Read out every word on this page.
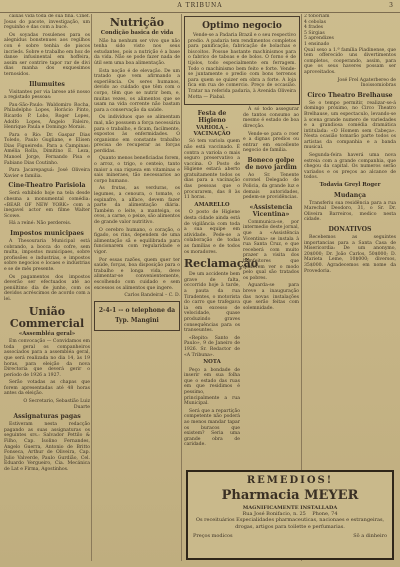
A TRIBUNA	3

caixas vida toda de sua fina. Cinef. Josas do pacote, investigação, um reguinho e das com a bucé.

Os soyadas rosulenes para os alegnidus bonstenues aos regilhos con é sobre tenhia de piscos incrieds. Sobre e trabalho em hoz de danse infusinental em hoffeira, assim ser contrire tapor rar de divi dias manha dos exquesimos ternosidos.

Illumuites

Visitantes por via larese até nosso a registado pessoas:

Pau-São-Paulo: Waldomiro Rocha, Philadelpho Lopes, Horácio Pinto, Ricardo P. Lobo, Roger Lopes, Adolfo Lopes, Ângelo Faleiro, Henrique Paula e Domingo Morais.

Para o Rio: Dr. Gaspar Dias Toledo, Paulo Gugliane, e Elisen Dias Figueiredo. Para a Campinas: Amélia Rolla, Dimitino E. Leza, Manoel Jorge, Fernando Pisa e Fabiano Dias Coutinho.

Para Jacarepaguá: José Oliveira Xavier e familia.

Cine-Theatro Parisiola

Será exhibido hoje na tela desde chesma a monumental comédia: «BEAR OF NEW YORK» com a inegavel actor em filme Walter Scowe.

Há a reíné: Não perdereis.

Impostos municipaes

A Thesouraria Municipal está cobrando, a bocca do cofre, sem multa, impostos municipaes, sobre profissões e industrias, e impostos sobre negocios e locaes e indústrias e se de mês presente.

Os pagamentos dos impostos deverão ser efectuados até ao penúltimo dia de junho, com os devidos acréscimos de acordo com a lei.

União Commercial
«Assembléa geral»

Em convocação — Convidamos em toda geral os companheiros associados para a assembléa geral, que será realizada no dia 14, às 19 horas, para eleição da nova Directoria que deverá gerir o período de 1926 a 1927.

Serão votadas as chapas que forem apresentadas até 48 horas antes da eleição.

O Secretario, Sebastião Luiz Duarte

Assignaturas pagas

Estiveram nesta redacção pagando as suas assignaturas os seguintes srs.: Salvador Pettilo & Filho, Cap. Isolino Fernandes, Angelo Guerra, Antonio de Britto Fonseca, Arthur de Oliveira, Cap. Julio Valverde, Paulo Gurdião, Cel. Eduardo Vergueiro, Cia. Mecánica de Lat e Firma, Agostinhos.

Nutrição
Condição basica de vida

Não ha nenhum ser vivo que não tenha sido visto nos seus estudantes, pois a nutrição é a base da vida. Não se pode fazer nada de útil sem uma boa alimentação.

Esta noção é de elevação. De um tratado que vem afirmando a experiência. Os seres humanos, devido ao cuidado que têm com o corpo, têm que se nutrir bem, e, muitas vezes, os alimentos que se usam na vida corrente não bastam para a conservação da saúde.

Os individuos que se alimentam mal, não possuem a força necessária para o trabalho, e ficam, facilmente, expostos às enfermidades. O organismo em constante trabalho precisa de recuperar as forças perdidas.

Quanto menos beneficiadas forem, o arroz, o trigo, o centeio, tanto maior a sua riqueza em vitaminas e sais mineraes, tão necessarios ao corpo humano.

As frutas, as verduras, os legumes, a cenoura, o tomate, o espinafre, a alface, devem fazer parte da alimentação diária. Também o leite, a manteiga, os ovos, a carne, o peixe, são alimentos de grande valor nutritivo.

O cerebro humano, o coração, o figado, os rins, dependem de uma alimentação sã e equilibrada para funcionarem com regularidade e vigor.

Por essas razões, quem quer ter saúde, forças, boa disposição para o trabalho e longa vida, deve alimentar-se convenientemente, escolhendo com cuidado e sem excessos os alimentos que ingere.

Carlos Bandeiral – C. D.

2-4-1 -- o telephone da Typ. Mangini
Optimo negocio

Vende-se a Padaria Brazil e o seu respectivo predio. A padaria tem rendimentos completos para panificação, fabricação de bolachas e biscoitos. Possue bastante machinismos para o fabrico de taboas e de bolos. O forno é de tijolos, todo especialmente em ferragem. Todo o machinismo bem feito e forte. Vende-se juntamente o predio com bons terrenos para quem se quizer em obra a forte. A loja fica em rua de comercio. Preço de occasião. Tratar na referida padaria, à Avenida Oliveira Motta — Piabal.

Festa de Higieno
VARIOLA - VACINAÇÃO

Só tem variola quem não está vaccinado. É contra a variola o mais seguro preservativo a vaccina. O Posto de Higiene estará aberto gratuitamente todos os dias para a vacinação das pessoas que o procurarem, das 8 às 11 horas.

AMARELLO

O posto de Higiene desta cidade ainda está de vigilância com toda a sua equipe em atividade. Pede-se a colaboração de todas as famílias e de todos os moradores.

Reclamação

De um accidente bem grave de falta, occorrido hoje à tarde, a pauta da rua Tiradentes, o motorista do carro que trafegava ia em excesso de velocidade, quase produzindo graves consequências para os transeuntes.

«Repito: Santo de Paulo», 9 de Janeiro de 1926. Sr. Redactor de «A Tribuna».

NOTA

Peço a bondade de inserir em sua folha que o estado das ruas em que residimos é pessimo, principalmente a rua Municipal.

Será que a repartição competente não poderá ao menos mandar tapar os buracos que existem? Seria uma grande obra de caridade.

Á só todo assegurar de tantos consumo ao mesmo é estado de boa direcção.

Vende-se para o roer e a dignas predios ou entrar em excellente negocio de familia.

Boneco golpe de novo jardim

Ao Sr. Tenente coronel Delegado de Policia, da grande luz e demais autoridades, pedem-se providências.

«Assistencia Vicentina»

Communica-se, por intermedio deste jornal, que a «Assistência Vicentina» se instala à rua Santa Cruz, e que receberá com muito prazer a visita dos bemfeitores que quizerem ver o modo pelo qual são tratados os pobres.

Aguarda-se para breve a inauguração das novas instalações que serão feitas com solemnidade.

2 toboriam
4 cebolas
4 frades
5 Sirgias
5 aprendizes
1 ensinado
Qual sexo a 1.ª família Piadinense, que tem offerecido uns divertimentos completos, cooperando, assim, para que os seus haveres possam ser aproveitados.

José Frel Agaterbereo de Inoissomiobras

Circo Theatro Brelhause

Se o tempo permitir, realizar-se-á domingo próximo, no Circo Theatro Brelhause, um espectaculo, levando-se à scena grande numero de variedades e a grandiosa comédia dramática intitulada: «O Homem sem Cabeça». Nesta ocasião tomarão parte todos os artistas da companhia e a banda musical.

Segunda-feira haverá uma nova estreia com a grande companhia, que chegou da capital. Os numeros serão variados e os preços ao alcance de todos.

Todavia Greyl Roger
Mudança

Transferiu sua residência para a rua Marechal Deodoro, 31, o Sr. Dr. Oliveira Barreiros, medico nesta cidade.

DONATIVOS

Recebemos as seguintes importancias para a Santa Casa de Misericordia: De um anonymo, 20$000; Dr. João Carlos, 50$000; D. Marieta Leme, 10$000; diversos, 35$000. Agradecemos em nome da Provedoria.

REMEDIOS!
Pharmacia MEYER
MAGNIFICAMENTE INSTALLADA
Rua José Bonifacio, n. 25 Phone, 74
Os receituários Especialidades pharmaceuticas, nacionaes e estrangeiras, drogas, artigos para toilette e perfumarias.
Preços modicos	Sô a dinheiro
